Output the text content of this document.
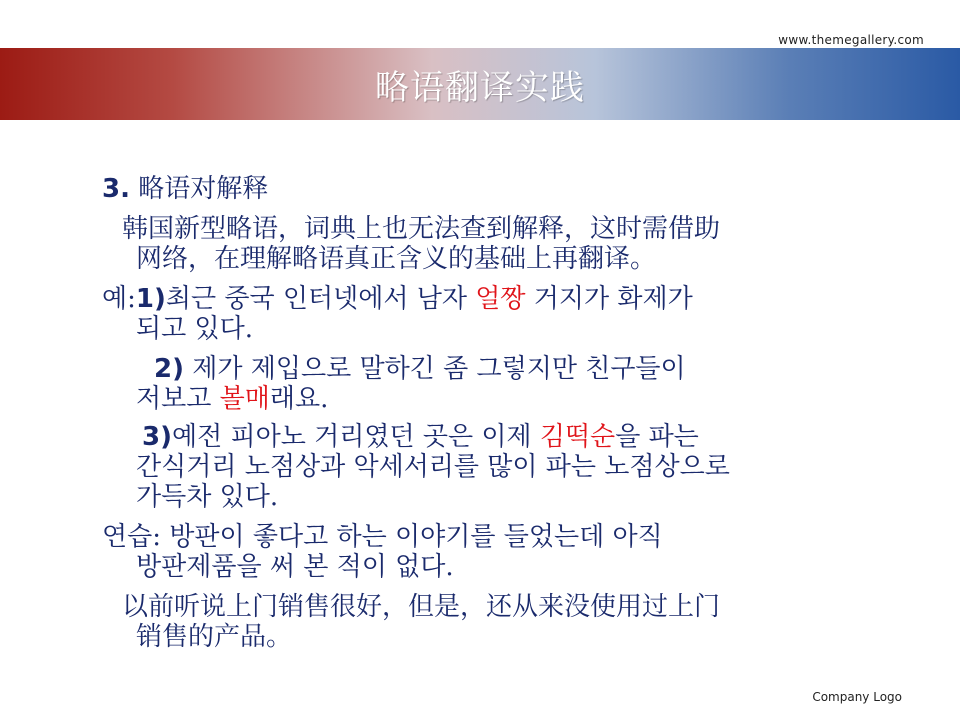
www.themegallery.com
略语翻译实践
3. 略语对解释
韩国新型略语，词典上也无法查到解释，这时需借助
网络，在理解略语真正含义的基础上再翻译。
예:1)최근 중국 인터넷에서 남자 얼짱 거지가 화제가
되고 있다.
2) 제가 제입으로 말하긴 좀 그렇지만 친구들이
저보고 볼매래요.
3)예전 피아노 거리였던 곳은 이제 김떡순을 파는
간식거리 노점상과 악세서리를 많이 파는 노점상으로
가득차 있다.
연습: 방판이 좋다고 하는 이야기를 들었는데 아직
방판제품을 써 본 적이 없다.
以前听说上门销售很好，但是，还从来没使用过上门
销售的产品。
Company Logo
